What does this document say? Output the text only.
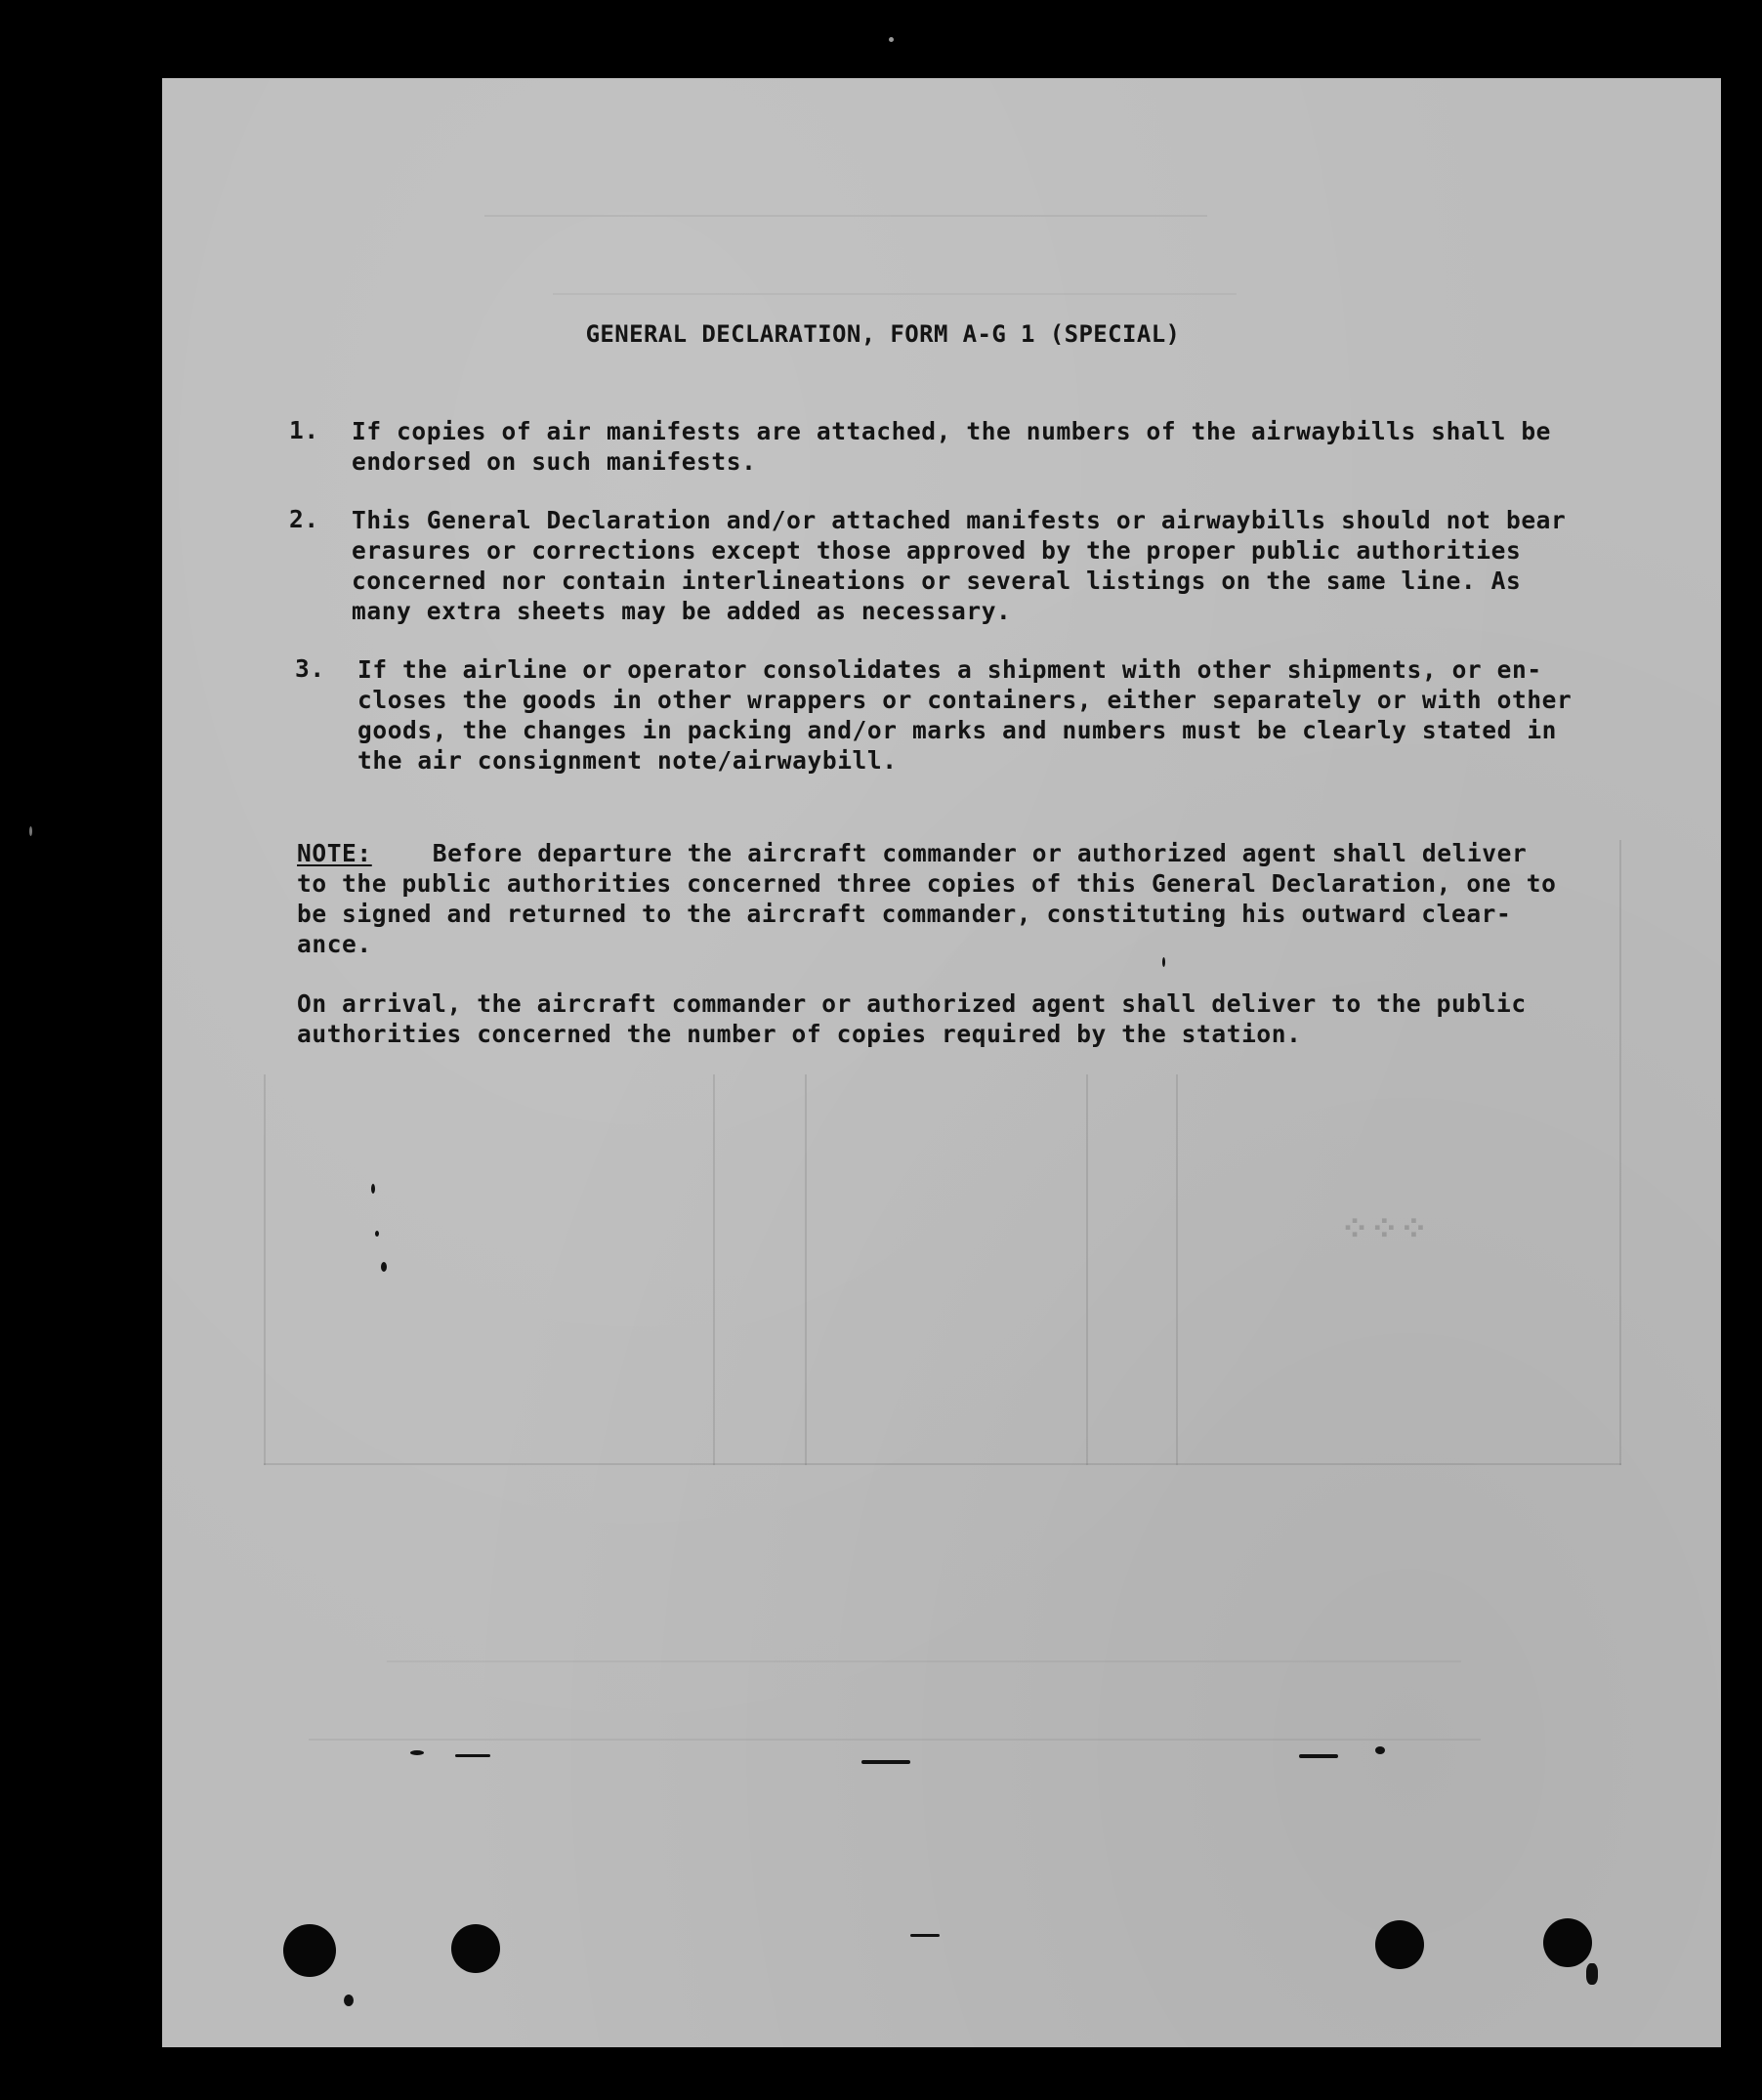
⁘⁘⁘
GENERAL DECLARATION, FORM A-G 1 (SPECIAL)
1. If copies of air manifests are attached, the numbers of the airwaybills shall be
endorsed on such manifests.
2. This General Declaration and/or attached manifests or airwaybills should not bear
erasures or corrections except those approved by the proper public authorities
concerned nor contain interlineations or several listings on the same line. As
many extra sheets may be added as necessary.
3. If the airline or operator consolidates a shipment with other shipments, or en-
closes the goods in other wrappers or containers, either separately or with other
goods, the changes in packing and/or marks and numbers must be clearly stated in
the air consignment note/airwaybill.
NOTE:	Before departure the aircraft commander or authorized agent shall deliver
to the public authorities concerned three copies of this General Declaration, one to
be signed and returned to the aircraft commander, constituting his outward clear-
ance.
On arrival, the aircraft commander or authorized agent shall deliver to the public
authorities concerned the number of copies required by the station.
